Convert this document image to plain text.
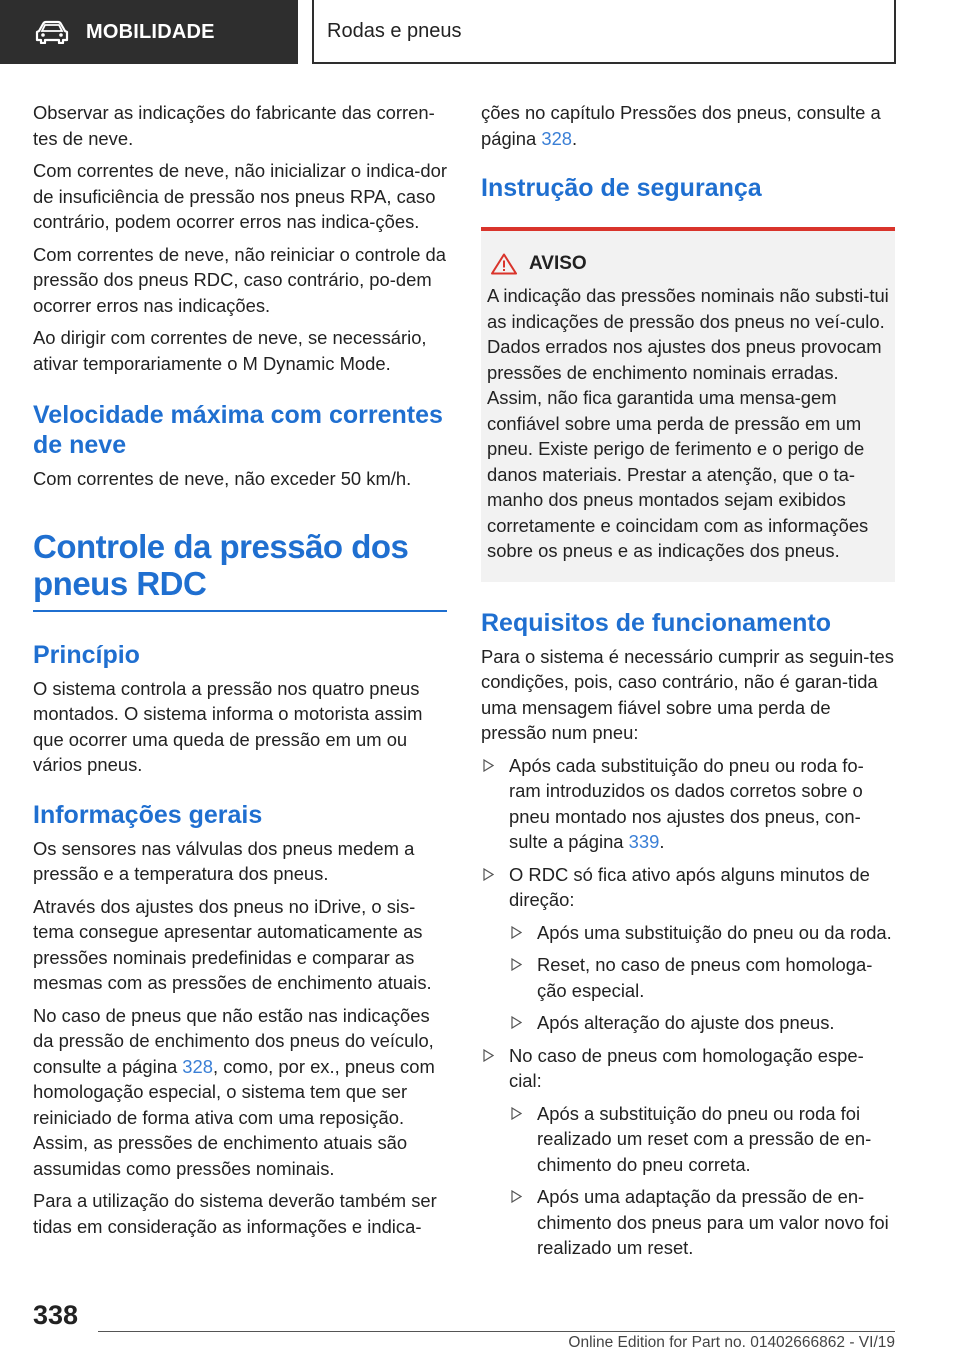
MOBILIDADE	Rodas e pneus

Observar as indicações do fabricante das corren-tes de neve.

Com correntes de neve, não inicializar o indica-dor de insuficiência de pressão nos pneus RPA, caso contrário, podem ocorrer erros nas indica-ções.

Com correntes de neve, não reiniciar o controle da pressão dos pneus RDC, caso contrário, po-dem ocorrer erros nas indicações.

Ao dirigir com correntes de neve, se necessário, ativar temporariamente o M Dynamic Mode.

Velocidade máxima com correntes de neve

Com correntes de neve, não exceder 50 km/h.

Controle da pressão dos pneus RDC
Princípio

O sistema controla a pressão nos quatro pneus montados. O sistema informa o motorista assim que ocorrer uma queda de pressão em um ou vários pneus.

Informações gerais

Os sensores nas válvulas dos pneus medem a pressão e a temperatura dos pneus.

Através dos ajustes dos pneus no iDrive, o sis-tema consegue apresentar automaticamente as pressões nominais predefinidas e comparar as mesmas com as pressões de enchimento atuais.

No caso de pneus que não estão nas indicações da pressão de enchimento dos pneus do veículo, consulte a página 328, como, por ex., pneus com homologação especial, o sistema tem que ser reiniciado de forma ativa com uma reposição. Assim, as pressões de enchimento atuais são assumidas como pressões nominais.

Para a utilização do sistema deverão também ser tidas em consideração as informações e indica-

ções no capítulo Pressões dos pneus, consulte a página 328.

Instrução de segurança
AVISO

A indicação das pressões nominais não substi-tui as indicações de pressão dos pneus no veí-culo. Dados errados nos ajustes dos pneus provocam pressões de enchimento nominais erradas. Assim, não fica garantida uma mensa-gem confiável sobre uma perda de pressão em um pneu. Existe perigo de ferimento e o perigo de danos materiais. Prestar a atenção, que o ta-manho dos pneus montados sejam exibidos corretamente e coincidam com as informações sobre os pneus e as indicações dos pneus.

Requisitos de funcionamento

Para o sistema é necessário cumprir as seguin-tes condições, pois, caso contrário, não é garan-tida uma mensagem fiável sobre uma perda de pressão num pneu:

Após cada substituição do pneu ou roda fo-ram introduzidos os dados corretos sobre o pneu montado nos ajustes dos pneus, con-sulte a página 339.
O RDC só fica ativo após alguns minutos de direção:
Após uma substituição do pneu ou da roda.
Reset, no caso de pneus com homologa-ção especial.
Após alteração do ajuste dos pneus.
No caso de pneus com homologação espe-cial:
Após a substituição do pneu ou roda foi realizado um reset com a pressão de en-chimento do pneu correta.
Após uma adaptação da pressão de en-chimento dos pneus para um valor novo foi realizado um reset.
338
Online Edition for Part no. 01402666862 - VI/19
